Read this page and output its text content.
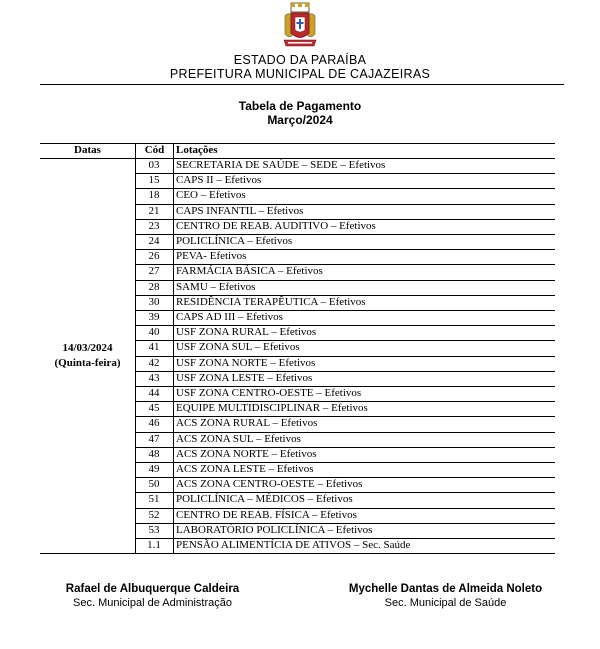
ESTADO DA PARAÍBA
PREFEITURA MUNICIPAL DE CAJAZEIRAS
Tabela de Pagamento
Março/2024
Datas	Cód	Lotações
14/03/2024
(Quinta-feira)
03	SECRETARIA DE SAÚDE – SEDE – Efetivos
15	CAPS II – Efetivos
18	CEO – Efetivos
21	CAPS INFANTIL – Efetivos
23	CENTRO DE REAB. AUDITIVO – Efetivos
24	POLICLÍNICA – Efetivos
26	PEVA- Efetivos
27	FARMÁCIA BÁSICA – Efetivos
28	SAMU – Efetivos
30	RESIDÊNCIA TERAPÊUTICA – Efetivos
39	CAPS AD III – Efetivos
40	USF ZONA RURAL – Efetivos
41	USF ZONA SUL – Efetivos
42	USF ZONA NORTE – Efetivos
43	USF ZONA LESTE – Efetivos
44	USF ZONA CENTRO-OESTE – Efetivos
45	EQUIPE MULTIDISCIPLINAR – Efetivos
46	ACS ZONA RURAL – Efetivos
47	ACS ZONA SUL – Efetivos
48	ACS ZONA NORTE – Efetivos
49	ACS ZONA LESTE – Efetivos
50	ACS ZONA CENTRO-OESTE – Efetivos
51	POLICLÍNICA – MÉDICOS – Efetivos
52	CENTRO DE REAB. FÍSICA – Efetivos
53	LABORATÓRIO POLICLÍNICA – Efetivos
1.1	PENSÃO ALIMENTÍCIA DE ATIVOS – Sec. Saúde
Rafael de Albuquerque Caldeira
Sec. Municipal de Administração
Mychelle Dantas de Almeida Noleto
Sec. Municipal de Saúde
